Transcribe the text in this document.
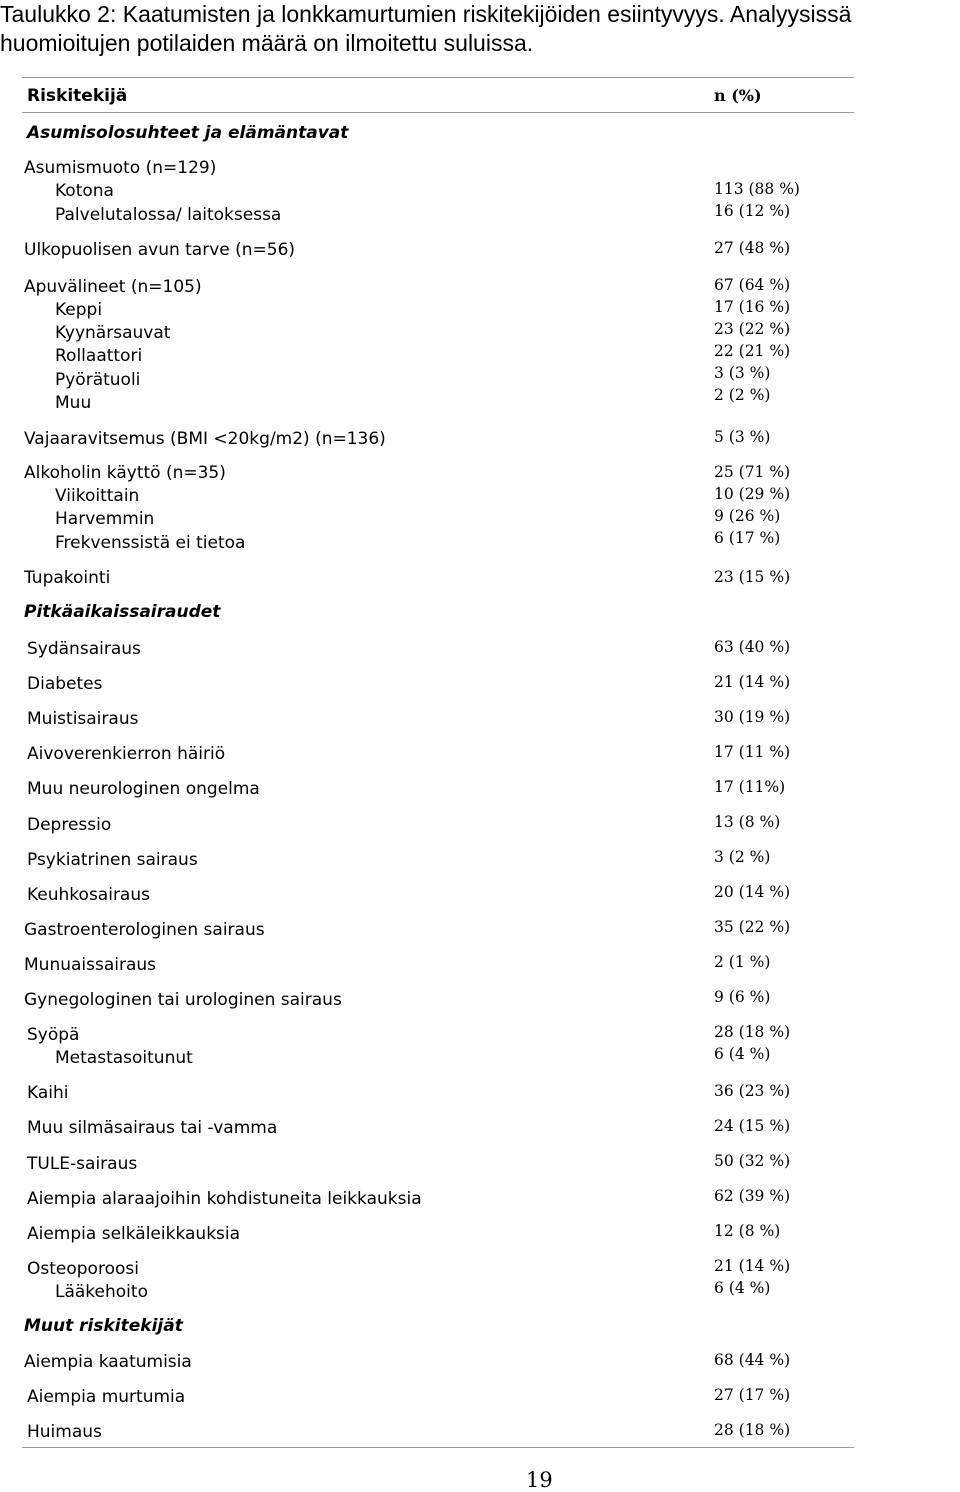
Taulukko 2: Kaatumisten ja lonkkamurtumien riskitekijöiden esiintyvyys. Analyysissä
huomioitujen potilaiden määrä on ilmoitettu suluissa.
Riskitekijä	n (%)
Asumisolosuhteet ja elämäntavat
Asumismuoto (n=129)
Kotona	113 (88 %)
Palvelutalossa/ laitoksessa	16 (12 %)
Ulkopuolisen avun tarve (n=56)	27 (48 %)
Apuvälineet (n=105)	67 (64 %)
Keppi	17 (16 %)
Kyynärsauvat	23 (22 %)
Rollaattori	22 (21 %)
Pyörätuoli	3 (3 %)
Muu	2 (2 %)
Vajaaravitsemus (BMI <20kg/m2) (n=136)	5 (3 %)
Alkoholin käyttö (n=35)	25 (71 %)
Viikoittain	10 (29 %)
Harvemmin	9 (26 %)
Frekvenssistä ei tietoa	6 (17 %)
Tupakointi	23 (15 %)
Pitkäaikaissairaudet
Sydänsairaus	63 (40 %)
Diabetes	21 (14 %)
Muistisairaus	30 (19 %)
Aivoverenkierron häiriö	17 (11 %)
Muu neurologinen ongelma	17 (11%)
Depressio	13 (8 %)
Psykiatrinen sairaus	3 (2 %)
Keuhkosairaus	20 (14 %)
Gastroenterologinen sairaus	35 (22 %)
Munuaissairaus	2 (1 %)
Gynegologinen tai urologinen sairaus	9 (6 %)
Syöpä	28 (18 %)
Metastasoitunut	6 (4 %)
Kaihi	36 (23 %)
Muu silmäsairaus tai -vamma	24 (15 %)
TULE-sairaus	50 (32 %)
Aiempia alaraajoihin kohdistuneita leikkauksia	62 (39 %)
Aiempia selkäleikkauksia	12 (8 %)
Osteoporoosi	21 (14 %)
Lääkehoito	6 (4 %)
Muut riskitekijät
Aiempia kaatumisia	68 (44 %)
Aiempia murtumia	27 (17 %)
Huimaus	28 (18 %)
19
